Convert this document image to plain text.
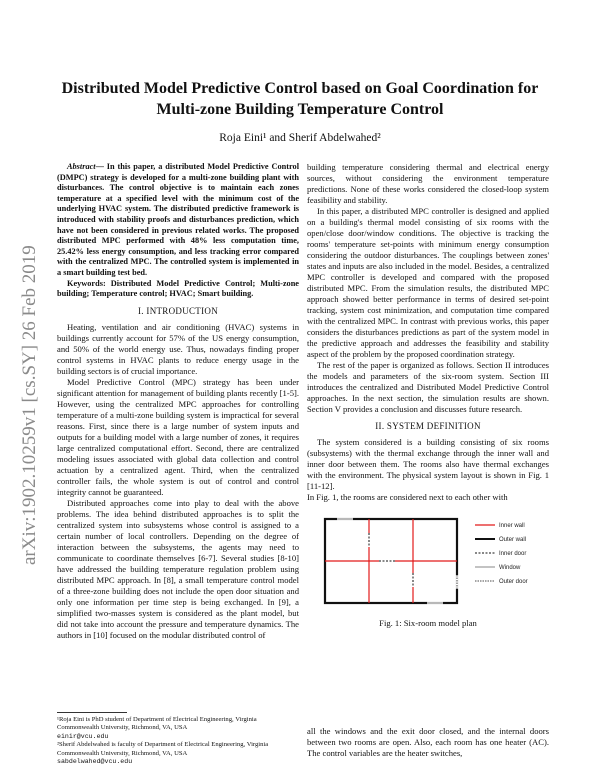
arXiv:1902.10259v1 [cs.SY] 26 Feb 2019
Distributed Model Predictive Control based on Goal Coordination for
Multi-zone Building Temperature Control
Roja Eini¹ and Sherif Abdelwahed²

Abstract— In this paper, a distributed Model Predictive Control (DMPC) strategy is developed for a multi-zone building plant with disturbances. The control objective is to maintain each zones temperature at a specified level with the minimum cost of the underlying HVAC system. The distributed predictive framework is introduced with stability proofs and disturbances prediction, which have not been considered in previous related works. The proposed distributed MPC performed with 48% less computation time, 25.42% less energy consumption, and less tracking error compared with the centralized MPC. The controlled system is implemented in a smart building test bed.

Keywords: Distributed Model Predictive Control; Multi-zone building; Temperature control; HVAC; Smart building.

I. INTRODUCTION

Heating, ventilation and air conditioning (HVAC) systems in buildings currently account for 57% of the US energy consumption, and 50% of the world energy use. Thus, nowadays finding proper control systems in HVAC plants to reduce energy usage in the building sectors is of crucial importance.

Model Predictive Control (MPC) strategy has been under significant attention for management of building plants recently [1-5]. However, using the centralized MPC approaches for controlling temperature of a multi-zone building system is impractical for several reasons. First, since there is a large number of system inputs and outputs for a building model with a large number of zones, it requires large centralized computational effort. Second, there are centralized modeling issues associated with global data collection and control actuation by a centralized agent. Third, when the centralized controller fails, the whole system is out of control and control integrity cannot be guaranteed.

Distributed approaches come into play to deal with the above problems. The idea behind distributed approaches is to split the centralized system into subsystems whose control is assigned to a certain number of local controllers. Depending on the degree of interaction between the subsystems, the agents may need to communicate to coordinate themselves [6-7]. Several studies [8-10] have addressed the building temperature regulation problem using distributed MPC approach. In [8], a small temperature control model of a three-zone building does not include the open door situation and only one information per time step is being exchanged. In [9], a simplified two-masses system is considered as the plant model, but did not take into account the pressure and temperature dynamics. The authors in [10] focused on the modular distributed control of

building temperature considering thermal and electrical energy sources, without considering the environment temperature predictions. None of these works considered the closed-loop system feasibility and stability.

In this paper, a distributed MPC controller is designed and applied on a building's thermal model consisting of six rooms with the open/close door/window conditions. The objective is tracking the rooms' temperature set-points with minimum energy consumption considering the outdoor disturbances. The couplings between zones' states and inputs are also included in the model. Besides, a centralized MPC controller is developed and compared with the proposed distributed MPC. From the simulation results, the distributed MPC approach showed better performance in terms of desired set-point tracking, system cost minimization, and computation time compared with the centralized MPC. In contrast with previous works, this paper considers the disturbances predictions as part of the system model in the predictive approach and addresses the feasibility and stability aspect of the problem by the proposed coordination strategy.

The rest of the paper is organized as follows. Section II introduces the models and parameters of the six-room system. Section III introduces the centralized and Distributed Model Predictive Control approaches. In the next section, the simulation results are shown. Section V provides a conclusion and discusses future research.

II. SYSTEM DEFINITION

The system considered is a building consisting of six rooms (subsystems) with the thermal exchange through the inner wall and inner door between them. The rooms also have thermal exchanges with the environment. The physical system layout is shown in Fig. 1 [11-12].

In Fig. 1, the rooms are considered next to each other with

Inner wall
Outer wall
Inner door
Window
Outer door
Fig. 1: Six-room model plan

¹Roja Eini is PhD student of Department of Electrical Engineering, Virginia Commonwealth University, Richmond, VA, USA

einir@vcu.edu

²Sherif Abdelwahed is faculty of Department of Electrical Engineering, Virginia Commonwealth University, Richmond, VA, USA

sabdelwahed@vcu.edu

all the windows and the exit door closed, and the internal doors between two rooms are open. Also, each room has one heater (AC). The control variables are the heater switches,
